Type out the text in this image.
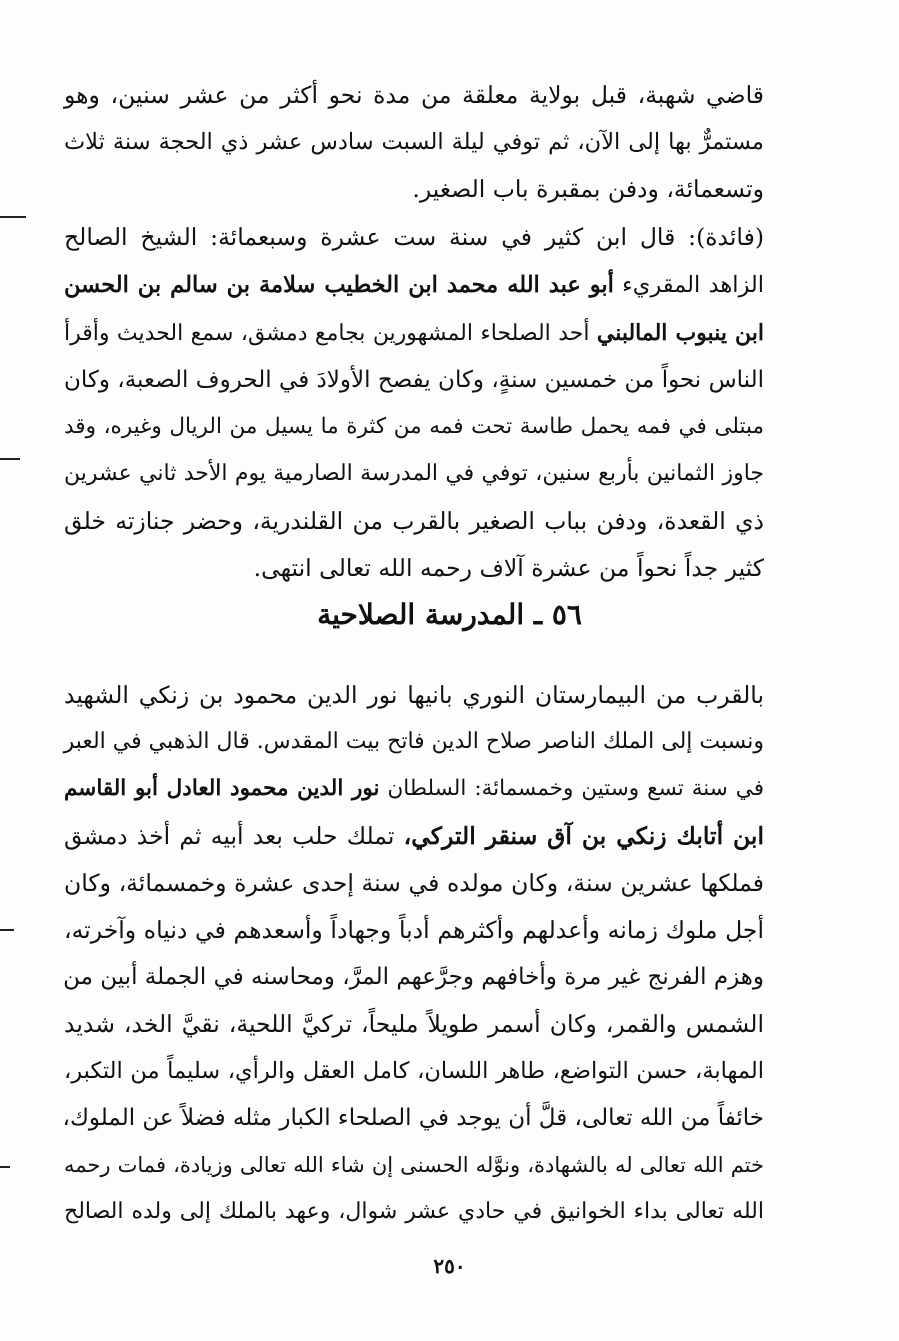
قاضي شهبة، قبل بولاية معلقة من مدة نحو أكثر من عشر سنين، وهو
مستمرٌّ بها إلى الآن، ثم توفي ليلة السبت سادس عشر ذي الحجة سنة ثلاث
وتسعمائة، ودفن بمقبرة باب الصغير.
(فائدة): قال ابن كثير في سنة ست عشرة وسبعمائة: الشيخ الصالح
الزاهد المقريء أبو عبد الله محمد ابن الخطيب سلامة بن سالم بن الحسن
ابن ينبوب المالبني أحد الصلحاء المشهورين بجامع دمشق، سمع الحديث وأقرأ
الناس نحواً من خمسين سنةٍ، وكان يفصح الأولادَ في الحروف الصعبة، وكان
مبتلى في فمه يحمل طاسة تحت فمه من كثرة ما يسيل من الريال وغيره، وقد
جاوز الثمانين بأربع سنين، توفي في المدرسة الصارمية يوم الأحد ثاني عشرين
ذي القعدة، ودفن بباب الصغير بالقرب من القلندرية، وحضر جنازته خلق
كثير جداً نحواً من عشرة آلاف رحمه الله تعالى انتهى.
٥٦ ـ المدرسة الصلاحية
بالقرب من البيمارستان النوري بانيها نور الدين محمود بن زنكي الشهيد
ونسبت إلى الملك الناصر صلاح الدين فاتح بيت المقدس. قال الذهبي في العبر
في سنة تسع وستين وخمسمائة: السلطان نور الدين محمود العادل أبو القاسم
ابن أتابك زنكي بن آق سنقر التركي، تملك حلب بعد أبيه ثم أخذ دمشق
فملكها عشرين سنة، وكان مولده في سنة إحدى عشرة وخمسمائة، وكان
أجل ملوك زمانه وأعدلهم وأكثرهم أدباً وجهاداً وأسعدهم في دنياه وآخرته،
وهزم الفرنج غير مرة وأخافهم وجرَّعهم المرَّ، ومحاسنه في الجملة أبين من
الشمس والقمر، وكان أسمر طويلاً مليحاً، تركيَّ اللحية، نقيَّ الخد، شديد
المهابة، حسن التواضع، طاهر اللسان، كامل العقل والرأي، سليماً من التكبر،
خائفاً من الله تعالى، قلَّ أن يوجد في الصلحاء الكبار مثله فضلاً عن الملوك،
ختم الله تعالى له بالشهادة، ونوَّله الحسنى إن شاء الله تعالى وزيادة، فمات رحمه
الله تعالى بداء الخوانيق في حادي عشر شوال، وعهد بالملك إلى ولده الصالح
٢٥٠
